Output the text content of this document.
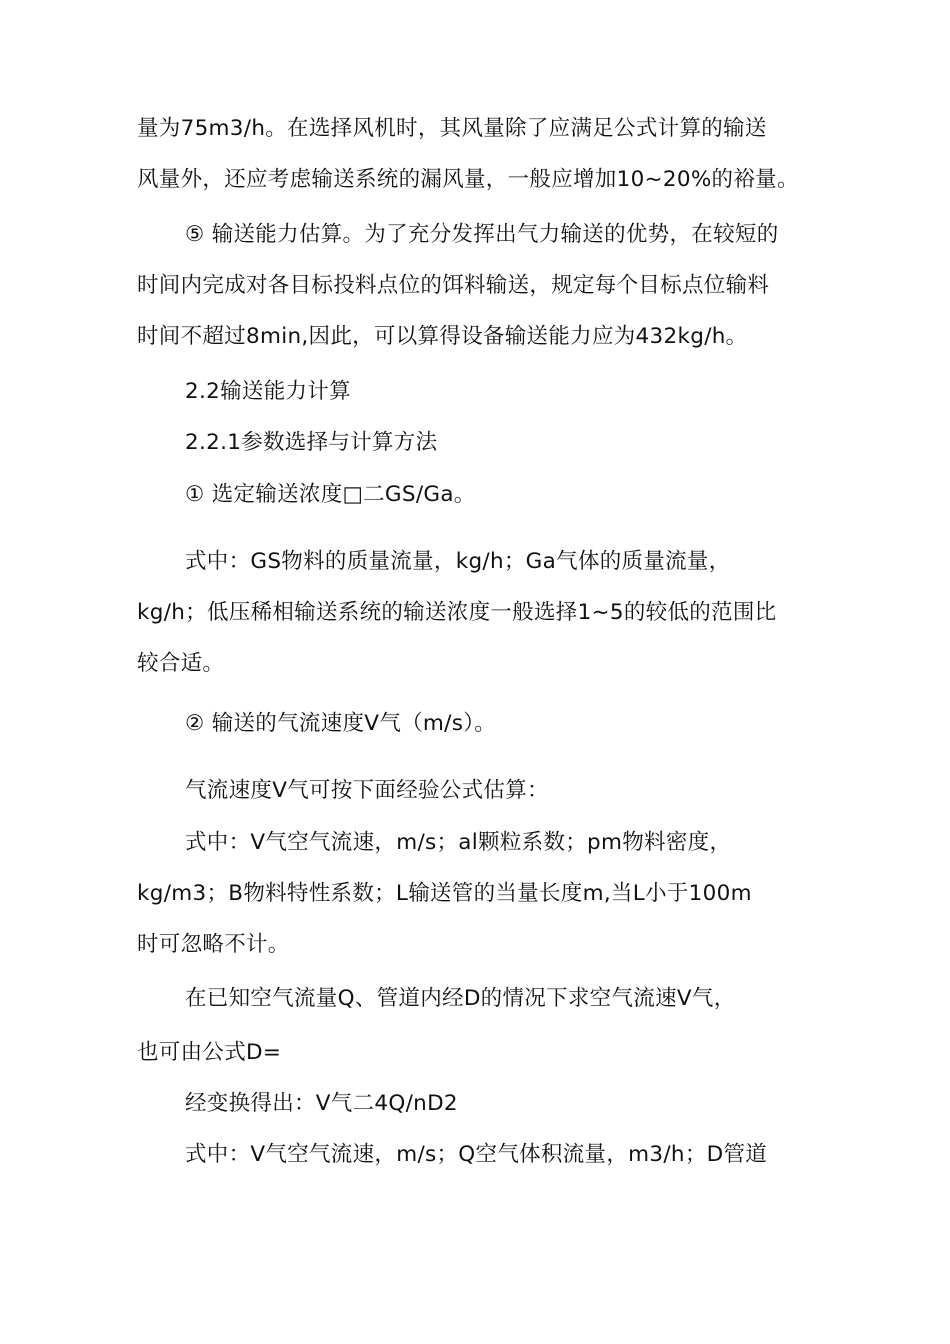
量为75m3/h。在选择风机时，其风量除了应满足公式计算的输送
风量外，还应考虑输送系统的漏风量，一般应增加10~20%的裕量。
⑤ 输送能力估算。为了充分发挥出气力输送的优势，在较短的
时间内完成对各目标投料点位的饵料输送，规定每个目标点位输料
时间不超过8min,因此，可以算得设备输送能力应为432kg/h。
2.2输送能力计算
2.2.1参数选择与计算方法
① 选定输送浓度□二GS/Ga。
式中：GS物料的质量流量，kg/h；Ga气体的质量流量，
kg/h；低压稀相输送系统的输送浓度一般选择1~5的较低的范围比
较合适。
② 输送的气流速度V气（m/s）。
气流速度V气可按下面经验公式估算：
式中：V气空气流速，m/s；al颗粒系数；pm物料密度，
kg/m3；B物料特性系数；L输送管的当量长度m,当L小于100m
时可忽略不计。
在已知空气流量Q、管道内经D的情况下求空气流速V气，
也可由公式D=
经变换得出：V气二4Q/nD2
式中：V气空气流速，m/s；Q空气体积流量，m3/h；D管道
